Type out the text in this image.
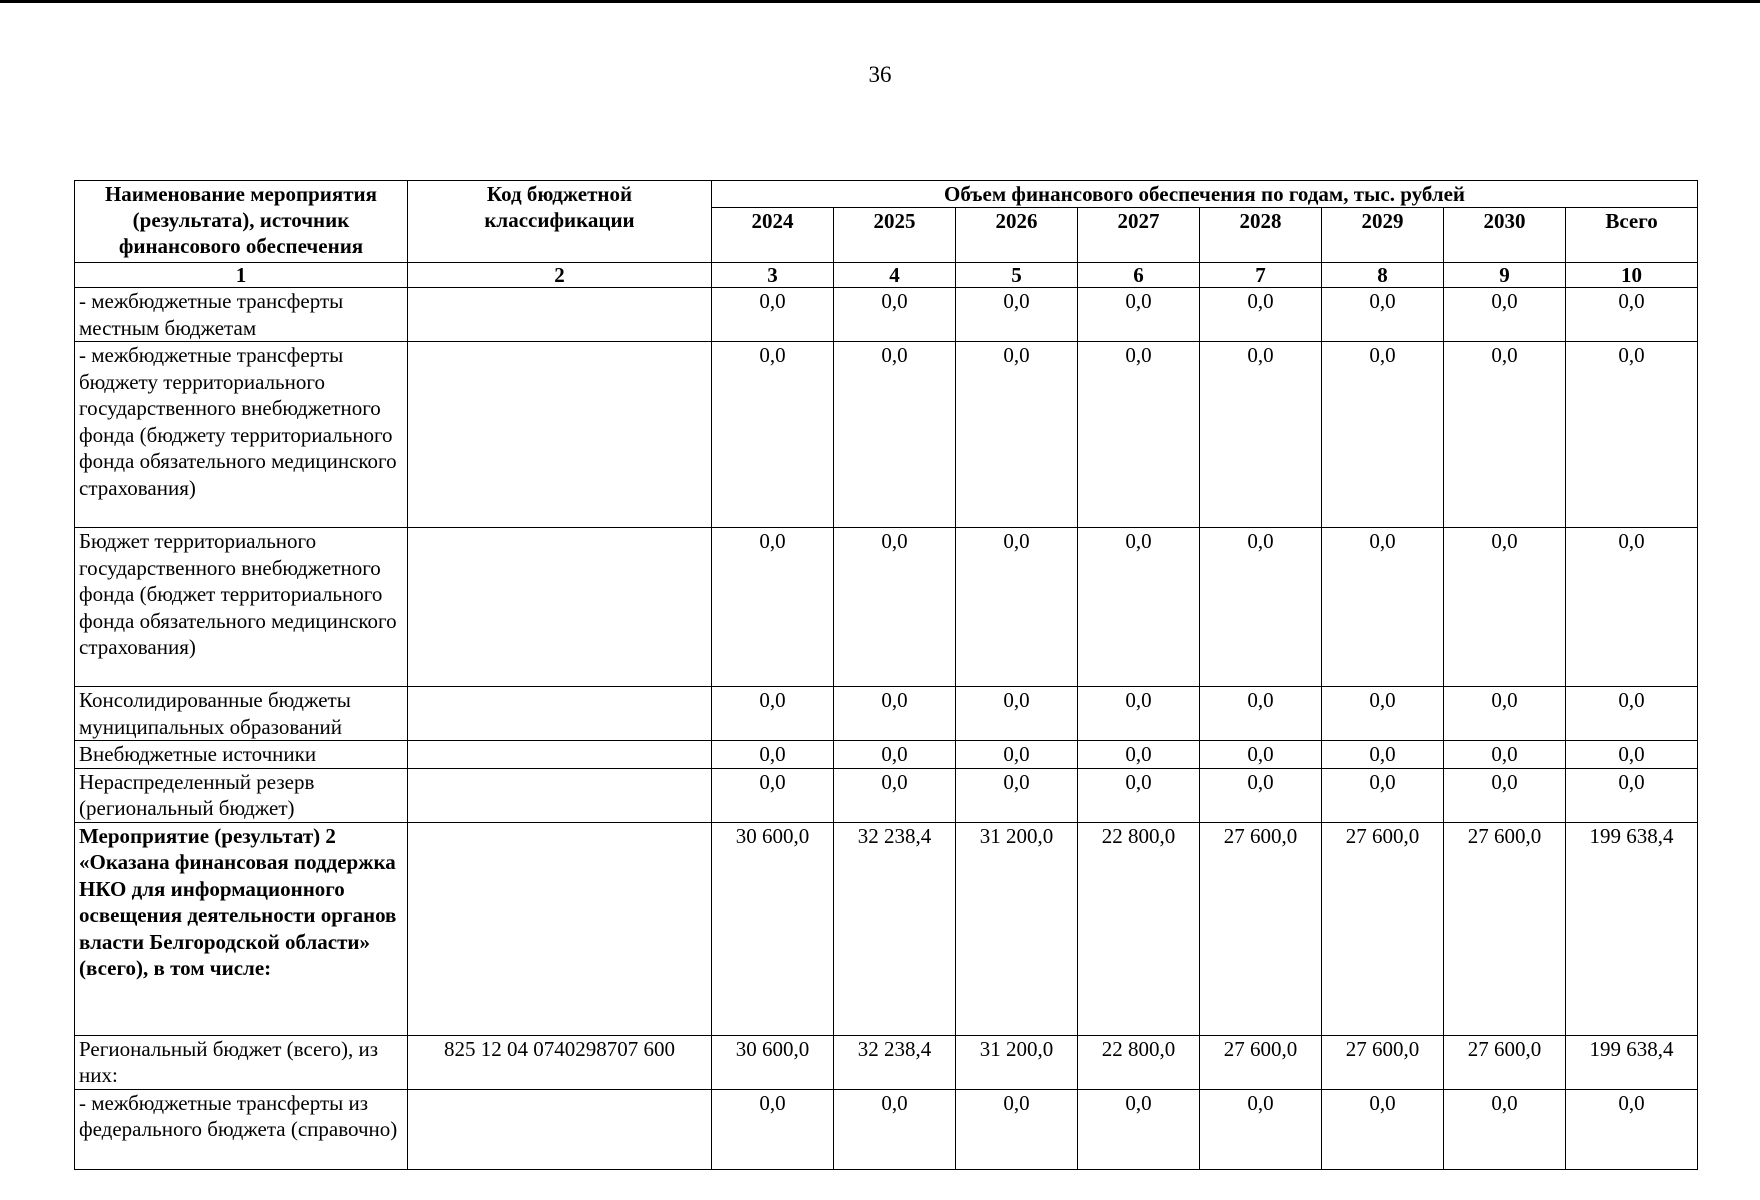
36
Наименование мероприятия (результата), источник финансового обеспечения	Код бюджетной классификации	Объем финансового обеспечения по годам, тыс. рублей							
		2024	2025	2026	2027	2028	2029	2030	Всего
1	2	3	4	5	6	7	8	9	10
- межбюджетные трансферты местным бюджетам		0,0	0,0	0,0	0,0	0,0	0,0	0,0	0,0
- межбюджетные трансферты бюджету территориального государственного внебюджетного фонда (бюджету территориального фонда обязательного медицинского страхования)		0,0	0,0	0,0	0,0	0,0	0,0	0,0	0,0
Бюджет территориального государственного внебюджетного фонда (бюджет территориального фонда обязательного медицинского страхования)		0,0	0,0	0,0	0,0	0,0	0,0	0,0	0,0
Консолидированные бюджеты муниципальных образований		0,0	0,0	0,0	0,0	0,0	0,0	0,0	0,0
Внебюджетные источники		0,0	0,0	0,0	0,0	0,0	0,0	0,0	0,0
Нераспределенный резерв (региональный бюджет)		0,0	0,0	0,0	0,0	0,0	0,0	0,0	0,0
Мероприятие (результат) 2 «Оказана финансовая поддержка НКО для информационного освещения деятельности органов власти Белгородской области» (всего), в том числе:		30 600,0	32 238,4	31 200,0	22 800,0	27 600,0	27 600,0	27 600,0	199 638,4
Региональный бюджет (всего), из них:	825 12 04 0740298707 600	30 600,0	32 238,4	31 200,0	22 800,0	27 600,0	27 600,0	27 600,0	199 638,4
- межбюджетные трансферты из федерального бюджета (справочно)		0,0	0,0	0,0	0,0	0,0	0,0	0,0	0,0
